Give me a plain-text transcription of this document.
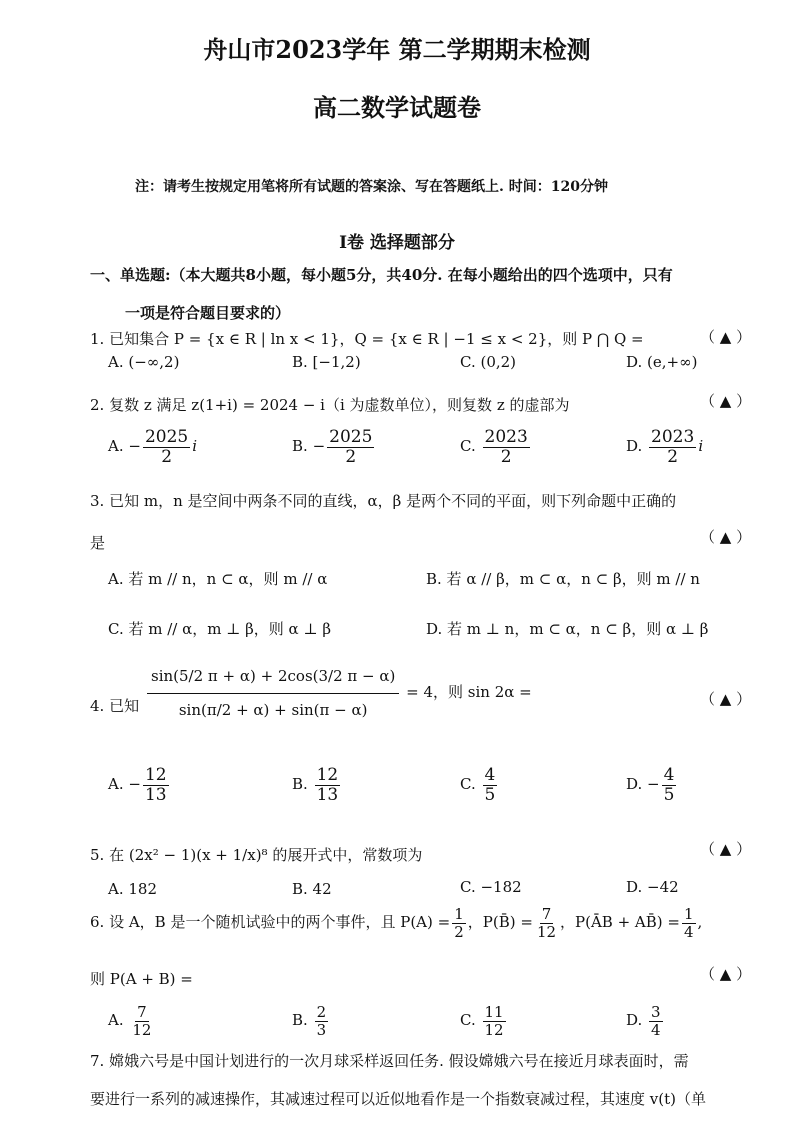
舟山市2023学年 第二学期期末检测
高二数学试题卷
注：请考生按规定用笔将所有试题的答案涂、写在答题纸上. 时间：120分钟
I卷 选择题部分
一、单选题:（本大题共8小题，每小题5分，共40分. 在每小题给出的四个选项中，只有
一项是符合题目要求的）
1. 已知集合 P = {x ∈ R | ln x < 1}，Q = {x ∈ R | −1 ≤ x < 2}，则 P ⋂ Q =	（ ▲ ）
A. (−∞,2)	B. [−1,2)	C. (0,2)	D. (e,+∞)
2. 复数 z 满足 z(1+i) = 2024 − i（i 为虚数单位），则复数 z 的虚部为	（ ▲ ）
A. − $\frac{2025}{2}$ i	B. − $\frac{2025}{2}$	C. $\frac{2023}{2}$	D. $\frac{2023}{2}$ i
3. 已知 m，n 是空间中两条不同的直线，α，β 是两个不同的平面，则下列命题中正确的
是	（ ▲ ）
A. 若 m // n，n ⊂ α，则 m // α	B. 若 α // β，m ⊂ α，n ⊂ β，则 m // n
C. 若 m // α，m ⊥ β，则 α ⊥ β	D. 若 m ⊥ n，m ⊂ α，n ⊂ β，则 α ⊥ β
4. 已知 $\frac{\sin(5/2 \pi + \alpha) + 2\cos(3/2 \pi - \alpha)}{\sin(\pi/2 + \alpha) + \sin(\pi - \alpha)} = 4$，则 sin 2α =	（ ▲ ）
A. − $\frac{12}{13}$	B. $\frac{12}{13}$	C. $\frac{4}{5}$	D. − $\frac{4}{5}$
5. 在 (2x² − 1)(x + 1/x)⁸ 的展开式中，常数项为	（ ▲ ）
A. 182	B. 42	C. −182	D. −42
6. 设 A，B 是一个随机试验中的两个事件，且 $P(A) = \frac{1}{2}$ ，P(B̄) = $\frac{7}{12}$ ，P(ĀB + AB̄) = $\frac{1}{4}$ ,
则 P(A + B) =	（ ▲ ）
A. $\frac{7}{12}$	B. $\frac{2}{3}$	C. $\frac{11}{12}$	D. $\frac{3}{4}$
7. 嫦娥六号是中国计划进行的一次月球采样返回任务. 假设嫦娥六号在接近月球表面时，需
要进行一系列的减速操作，其减速过程可以近似地看作是一个指数衰减过程，其速度 v(t)（单
